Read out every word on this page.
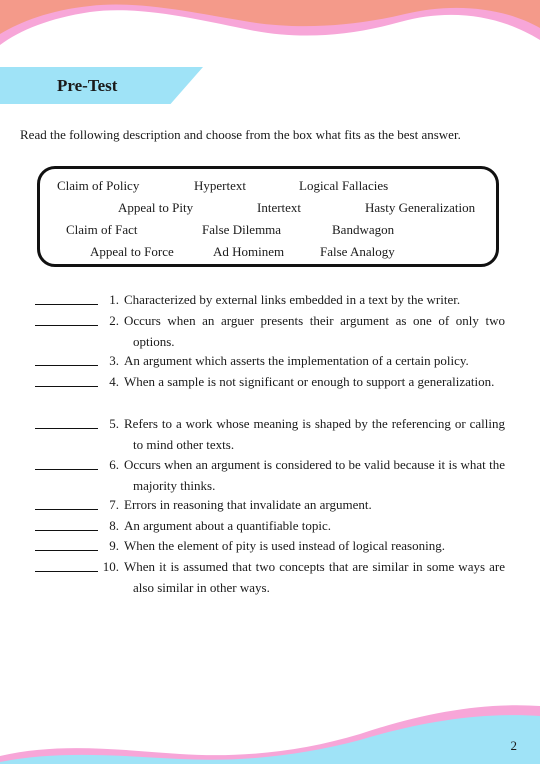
Pre-Test
Read the following description and choose from the box what fits as the best answer.
Claim of Policy	Hypertext	Logical Fallacies
Appeal to Pity	Intertext	Hasty Generalization
Claim of Fact	False Dilemma	Bandwagon
Appeal to Force	Ad Hominem	False Analogy
1. Characterized by external links embedded in a text by the writer.
2. Occurs when an arguer presents their argument as one of only two options.
3. An argument which asserts the implementation of a certain policy.
4. When a sample is not significant or enough to support a generalization.
5. Refers to a work whose meaning is shaped by the referencing or calling to mind other texts.
6. Occurs when an argument is considered to be valid because it is what the majority thinks.
7. Errors in reasoning that invalidate an argument.
8. An argument about a quantifiable topic.
9. When the element of pity is used instead of logical reasoning.
10. When it is assumed that two concepts that are similar in some ways are also similar in other ways.
2
